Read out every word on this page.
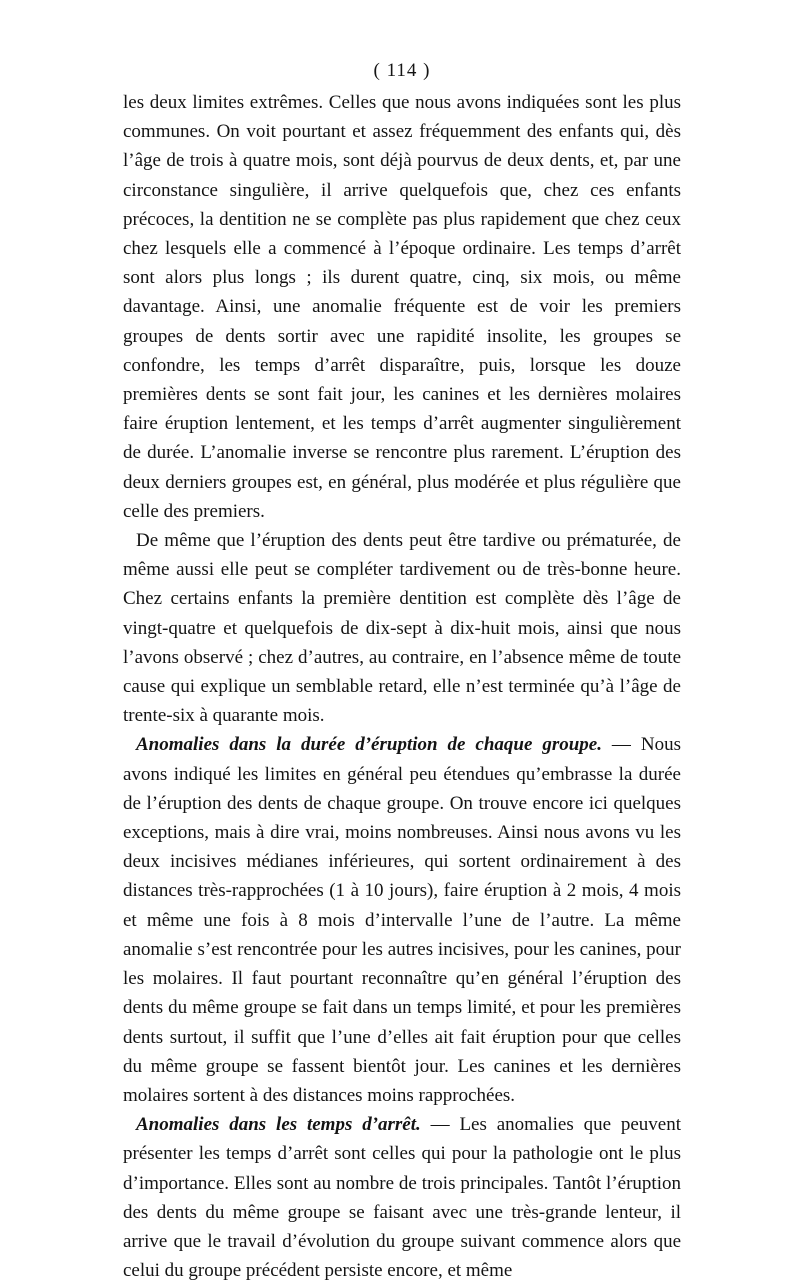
( 114 )

les deux limites extrêmes. Celles que nous avons indiquées sont les plus communes. On voit pourtant et assez fréquemment des enfants qui, dès l’âge de trois à quatre mois, sont déjà pourvus de deux dents, et, par une circonstance singulière, il arrive quelquefois que, chez ces enfants précoces, la dentition ne se complète pas plus rapidement que chez ceux chez lesquels elle a commencé à l’époque ordinaire. Les temps d’arrêt sont alors plus longs ; ils durent quatre, cinq, six mois, ou même davantage. Ainsi, une anomalie fréquente est de voir les premiers groupes de dents sortir avec une rapidité insolite, les groupes se confondre, les temps d’arrêt disparaître, puis, lorsque les douze premières dents se sont fait jour, les canines et les dernières molaires faire éruption lentement, et les temps d’arrêt augmenter singulièrement de durée. L’anomalie inverse se rencontre plus rarement. L’éruption des deux derniers groupes est, en général, plus modérée et plus régulière que celle des premiers.

De même que l’éruption des dents peut être tardive ou prématurée, de même aussi elle peut se compléter tardivement ou de très-bonne heure. Chez certains enfants la première dentition est complète dès l’âge de vingt-quatre et quelquefois de dix-sept à dix-huit mois, ainsi que nous l’avons observé ; chez d’autres, au contraire, en l’absence même de toute cause qui explique un semblable retard, elle n’est terminée qu’à l’âge de trente-six à quarante mois.

Anomalies dans la durée d’éruption de chaque groupe. — Nous avons indiqué les limites en général peu étendues qu’embrasse la durée de l’éruption des dents de chaque groupe. On trouve encore ici quelques exceptions, mais à dire vrai, moins nombreuses. Ainsi nous avons vu les deux incisives médianes inférieures, qui sortent ordinairement à des distances très-rapprochées (1 à 10 jours), faire éruption à 2 mois, 4 mois et même une fois à 8 mois d’intervalle l’une de l’autre. La même anomalie s’est rencontrée pour les autres incisives, pour les canines, pour les molaires. Il faut pourtant reconnaître qu’en général l’éruption des dents du même groupe se fait dans un temps limité, et pour les premières dents surtout, il suffit que l’une d’elles ait fait éruption pour que celles du même groupe se fassent bientôt jour. Les canines et les dernières molaires sortent à des distances moins rapprochées.

Anomalies dans les temps d’arrêt. — Les anomalies que peuvent présenter les temps d’arrêt sont celles qui pour la pathologie ont le plus d’importance. Elles sont au nombre de trois principales. Tantôt l’éruption des dents du même groupe se faisant avec une très-grande lenteur, il arrive que le travail d’évolution du groupe suivant commence alors que celui du groupe précédent persiste encore, et même
